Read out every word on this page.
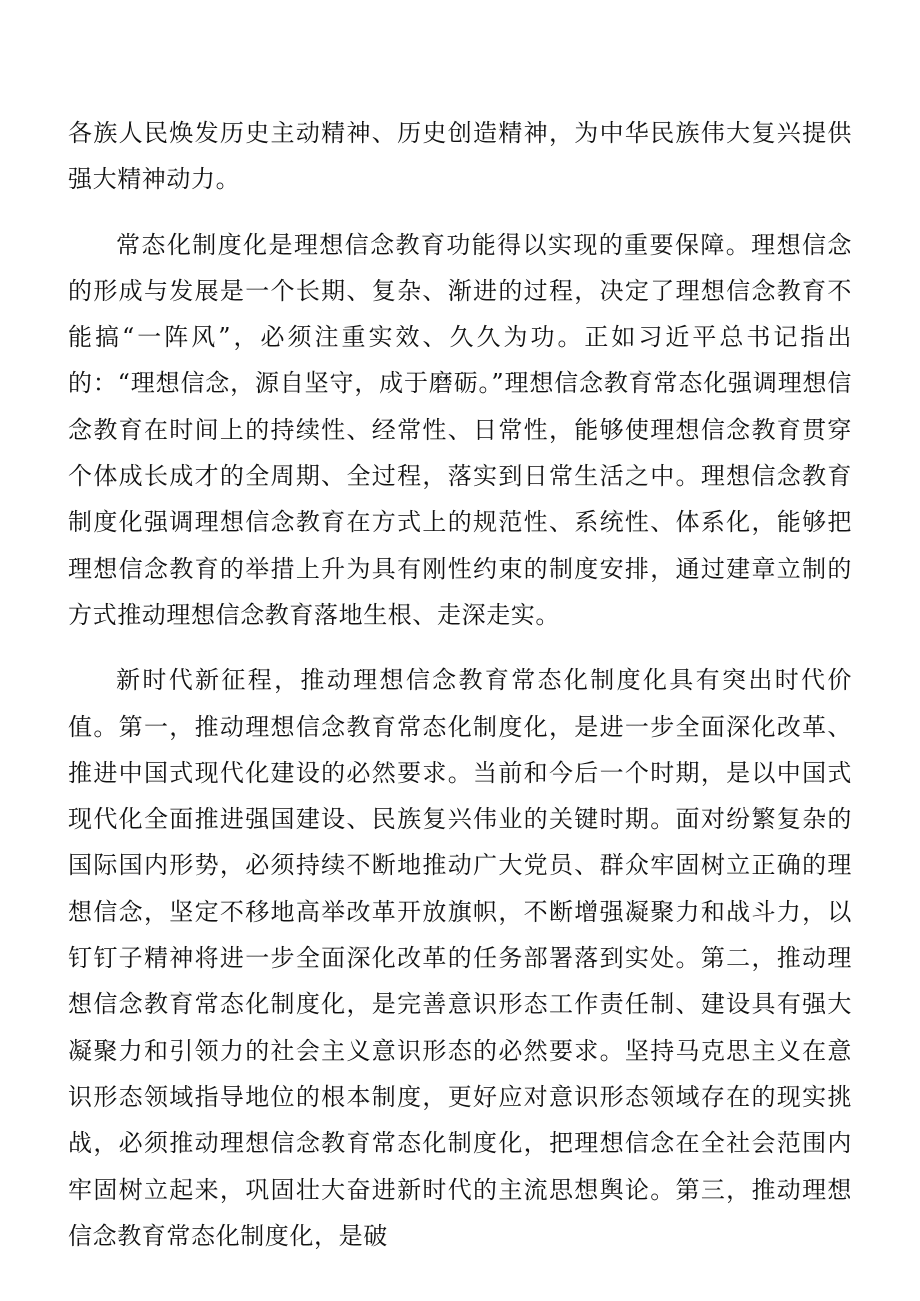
各族人民焕发历史主动精神、历史创造精神，为中华民族伟大复兴提供强大精神动力。

常态化制度化是理想信念教育功能得以实现的重要保障。理想信念的形成与发展是一个长期、复杂、渐进的过程，决定了理想信念教育不能搞“一阵风”，必须注重实效、久久为功。正如习近平总书记指出的：“理想信念，源自坚守，成于磨砺。”理想信念教育常态化强调理想信念教育在时间上的持续性、经常性、日常性，能够使理想信念教育贯穿个体成长成才的全周期、全过程，落实到日常生活之中。理想信念教育制度化强调理想信念教育在方式上的规范性、系统性、体系化，能够把理想信念教育的举措上升为具有刚性约束的制度安排，通过建章立制的方式推动理想信念教育落地生根、走深走实。

新时代新征程，推动理想信念教育常态化制度化具有突出时代价值。第一，推动理想信念教育常态化制度化，是进一步全面深化改革、推进中国式现代化建设的必然要求。当前和今后一个时期，是以中国式现代化全面推进强国建设、民族复兴伟业的关键时期。面对纷繁复杂的国际国内形势，必须持续不断地推动广大党员、群众牢固树立正确的理想信念，坚定不移地高举改革开放旗帜，不断增强凝聚力和战斗力，以钉钉子精神将进一步全面深化改革的任务部署落到实处。第二，推动理想信念教育常态化制度化，是完善意识形态工作责任制、建设具有强大凝聚力和引领力的社会主义意识形态的必然要求。坚持马克思主义在意识形态领域指导地位的根本制度，更好应对意识形态领域存在的现实挑战，必须推动理想信念教育常态化制度化，把理想信念在全社会范围内牢固树立起来，巩固壮大奋进新时代的主流思想舆论。第三，推动理想信念教育常态化制度化，是破
